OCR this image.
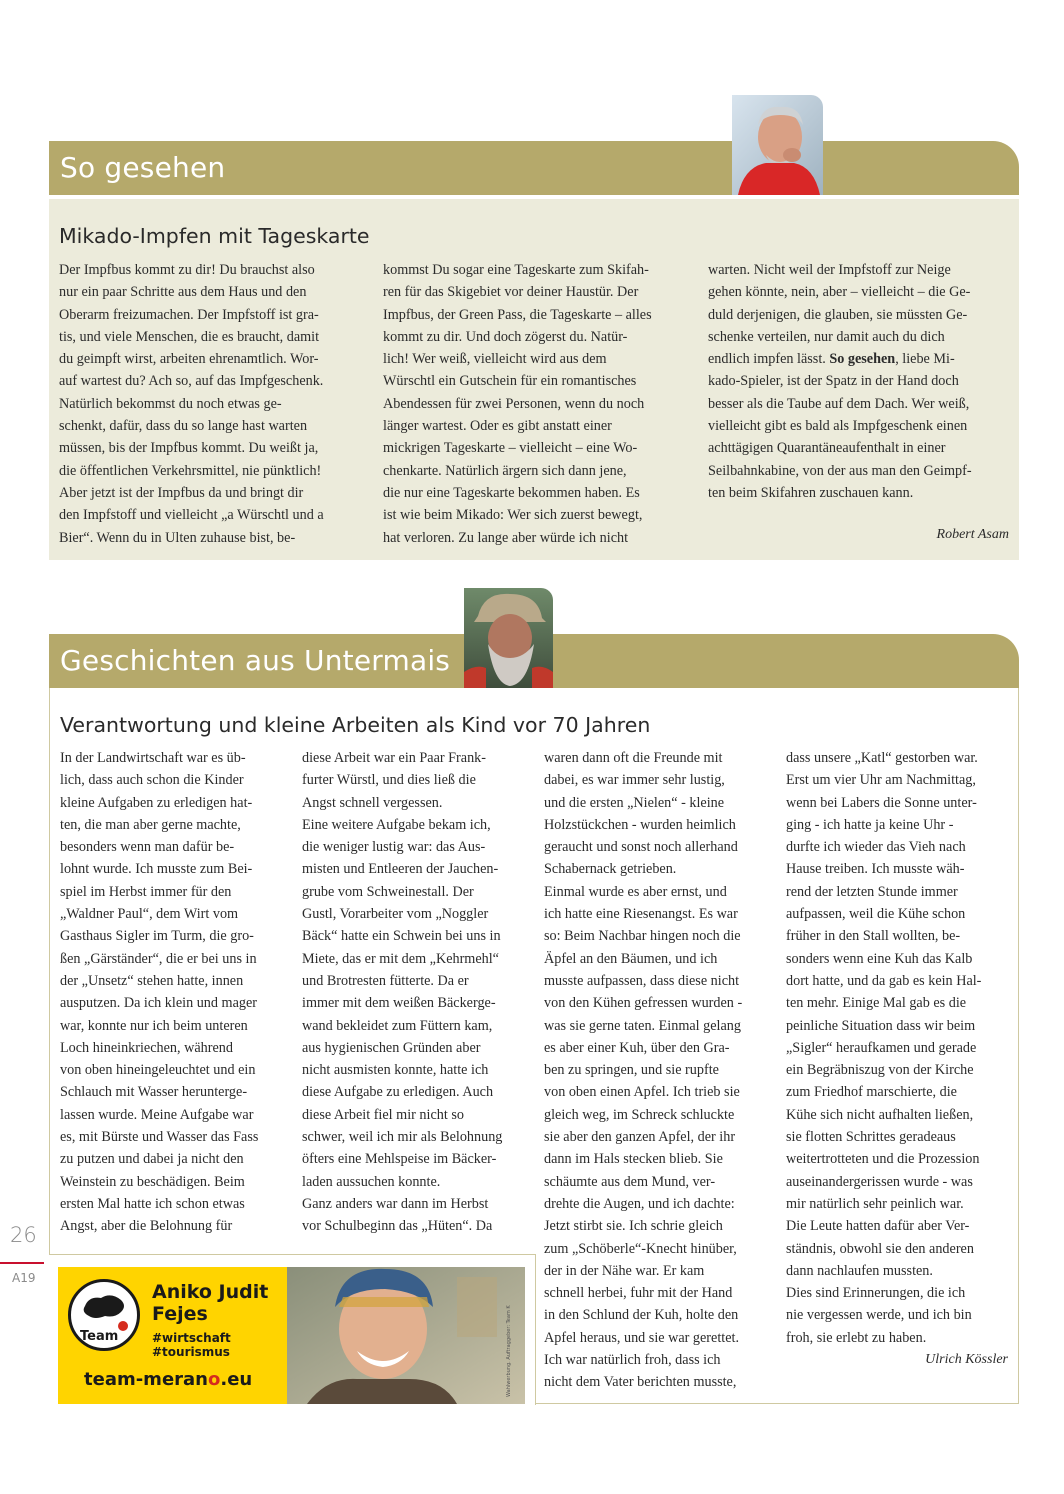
So gesehen
Mikado-Impfen mit Tageskarte
Der Impfbus kommt zu dir! Du brauchst also
nur ein paar Schritte aus dem Haus und den
Oberarm freizumachen. Der Impfstoff ist gra-
tis, und viele Menschen, die es braucht, damit
du geimpft wirst, arbeiten ehrenamtlich. Wor-
auf wartest du? Ach so, auf das Impfgeschenk.
Natürlich bekommst du noch etwas ge-
schenkt, dafür, dass du so lange hast warten
müssen, bis der Impfbus kommt. Du weißt ja,
die öffentlichen Verkehrsmittel, nie pünktlich!
Aber jetzt ist der Impfbus da und bringt dir
den Impfstoff und vielleicht „a Würschtl und a
Bier“. Wenn du in Ulten zuhause bist, be-
kommst Du sogar eine Tageskarte zum Skifah-
ren für das Skigebiet vor deiner Haustür. Der
Impfbus, der Green Pass, die Tageskarte – alles
kommt zu dir. Und doch zögerst du. Natür-
lich! Wer weiß, vielleicht wird aus dem
Würschtl ein Gutschein für ein romantisches
Abendessen für zwei Personen, wenn du noch
länger wartest. Oder es gibt anstatt einer
mickrigen Tageskarte – vielleicht – eine Wo-
chenkarte. Natürlich ärgern sich dann jene,
die nur eine Tageskarte bekommen haben. Es
ist wie beim Mikado: Wer sich zuerst bewegt,
hat verloren. Zu lange aber würde ich nicht
warten. Nicht weil der Impfstoff zur Neige
gehen könnte, nein, aber – vielleicht – die Ge-
duld derjenigen, die glauben, sie müssten Ge-
schenke verteilen, nur damit auch du dich
endlich impfen lässt. So gesehen, liebe Mi-
kado-Spieler, ist der Spatz in der Hand doch
besser als die Taube auf dem Dach. Wer weiß,
vielleicht gibt es bald als Impfgeschenk einen
achttägigen Quarantäneaufenthalt in einer
Seilbahnkabine, von der aus man den Geimpf-
ten beim Skifahren zuschauen kann.
Robert Asam
Geschichten aus Untermais
Verantwortung und kleine Arbeiten als Kind vor 70 Jahren
In der Landwirtschaft war es üb-
lich, dass auch schon die Kinder
kleine Aufgaben zu erledigen hat-
ten, die man aber gerne machte,
besonders wenn man dafür be-
lohnt wurde. Ich musste zum Bei-
spiel im Herbst immer für den
„Waldner Paul“, dem Wirt vom
Gasthaus Sigler im Turm, die gro-
ßen „Gärständer“, die er bei uns in
der „Unsetz“ stehen hatte, innen
ausputzen. Da ich klein und mager
war, konnte nur ich beim unteren
Loch hineinkriechen, während
von oben hineingeleuchtet und ein
Schlauch mit Wasser herunterge-
lassen wurde. Meine Aufgabe war
es, mit Bürste und Wasser das Fass
zu putzen und dabei ja nicht den
Weinstein zu beschädigen. Beim
ersten Mal hatte ich schon etwas
Angst, aber die Belohnung für
diese Arbeit war ein Paar Frank-
furter Würstl, und dies ließ die
Angst schnell vergessen.
Eine weitere Aufgabe bekam ich,
die weniger lustig war: das Aus-
misten und Entleeren der Jauchen-
grube vom Schweinestall. Der
Gustl, Vorarbeiter vom „Noggler
Bäck“ hatte ein Schwein bei uns in
Miete, das er mit dem „Kehrmehl“
und Brotresten fütterte. Da er
immer mit dem weißen Bäckerge-
wand bekleidet zum Füttern kam,
aus hygienischen Gründen aber
nicht ausmisten konnte, hatte ich
diese Aufgabe zu erledigen. Auch
diese Arbeit fiel mir nicht so
schwer, weil ich mir als Belohnung
öfters eine Mehlspeise im Bäcker-
laden aussuchen konnte.
Ganz anders war dann im Herbst
vor Schulbeginn das „Hüten“. Da
waren dann oft die Freunde mit
dabei, es war immer sehr lustig,
und die ersten „Nielen“ - kleine
Holzstückchen - wurden heimlich
geraucht und sonst noch allerhand
Schabernack getrieben.
Einmal wurde es aber ernst, und
ich hatte eine Riesenangst. Es war
so: Beim Nachbar hingen noch die
Äpfel an den Bäumen, und ich
musste aufpassen, dass diese nicht
von den Kühen gefressen wurden -
was sie gerne taten. Einmal gelang
es aber einer Kuh, über den Gra-
ben zu springen, und sie rupfte
von oben einen Apfel. Ich trieb sie
gleich weg, im Schreck schluckte
sie aber den ganzen Apfel, der ihr
dann im Hals stecken blieb. Sie
schäumte aus dem Mund, ver-
drehte die Augen, und ich dachte:
Jetzt stirbt sie. Ich schrie gleich
zum „Schöberle“-Knecht hinüber,
der in der Nähe war. Er kam
schnell herbei, fuhr mit der Hand
in den Schlund der Kuh, holte den
Apfel heraus, und sie war gerettet.
Ich war natürlich froh, dass ich
nicht dem Vater berichten musste,
dass unsere „Katl“ gestorben war.
Erst um vier Uhr am Nachmittag,
wenn bei Labers die Sonne unter-
ging - ich hatte ja keine Uhr -
durfte ich wieder das Vieh nach
Hause treiben. Ich musste wäh-
rend der letzten Stunde immer
aufpassen, weil die Kühe schon
früher in den Stall wollten, be-
sonders wenn eine Kuh das Kalb
dort hatte, und da gab es kein Hal-
ten mehr. Einige Mal gab es die
peinliche Situation dass wir beim
„Sigler“ heraufkamen und gerade
ein Begräbniszug von der Kirche
zum Friedhof marschierte, die
Kühe sich nicht aufhalten ließen,
sie flotten Schrittes geradeaus
weitertrotteten und die Prozession
auseinandergerissen wurde - was
mir natürlich sehr peinlich war.
Die Leute hatten dafür aber Ver-
ständnis, obwohl sie den anderen
dann nachlaufen mussten.
Dies sind Erinnerungen, die ich
nie vergessen werde, und ich bin
froh, sie erlebt zu haben.
Ulrich Kössler
26
A19
Team
Aniko Judit
Fejes
#wirtschaft
#tourismus
team-merano.eu	Wahlwerbung. Auftraggeber: Team K
